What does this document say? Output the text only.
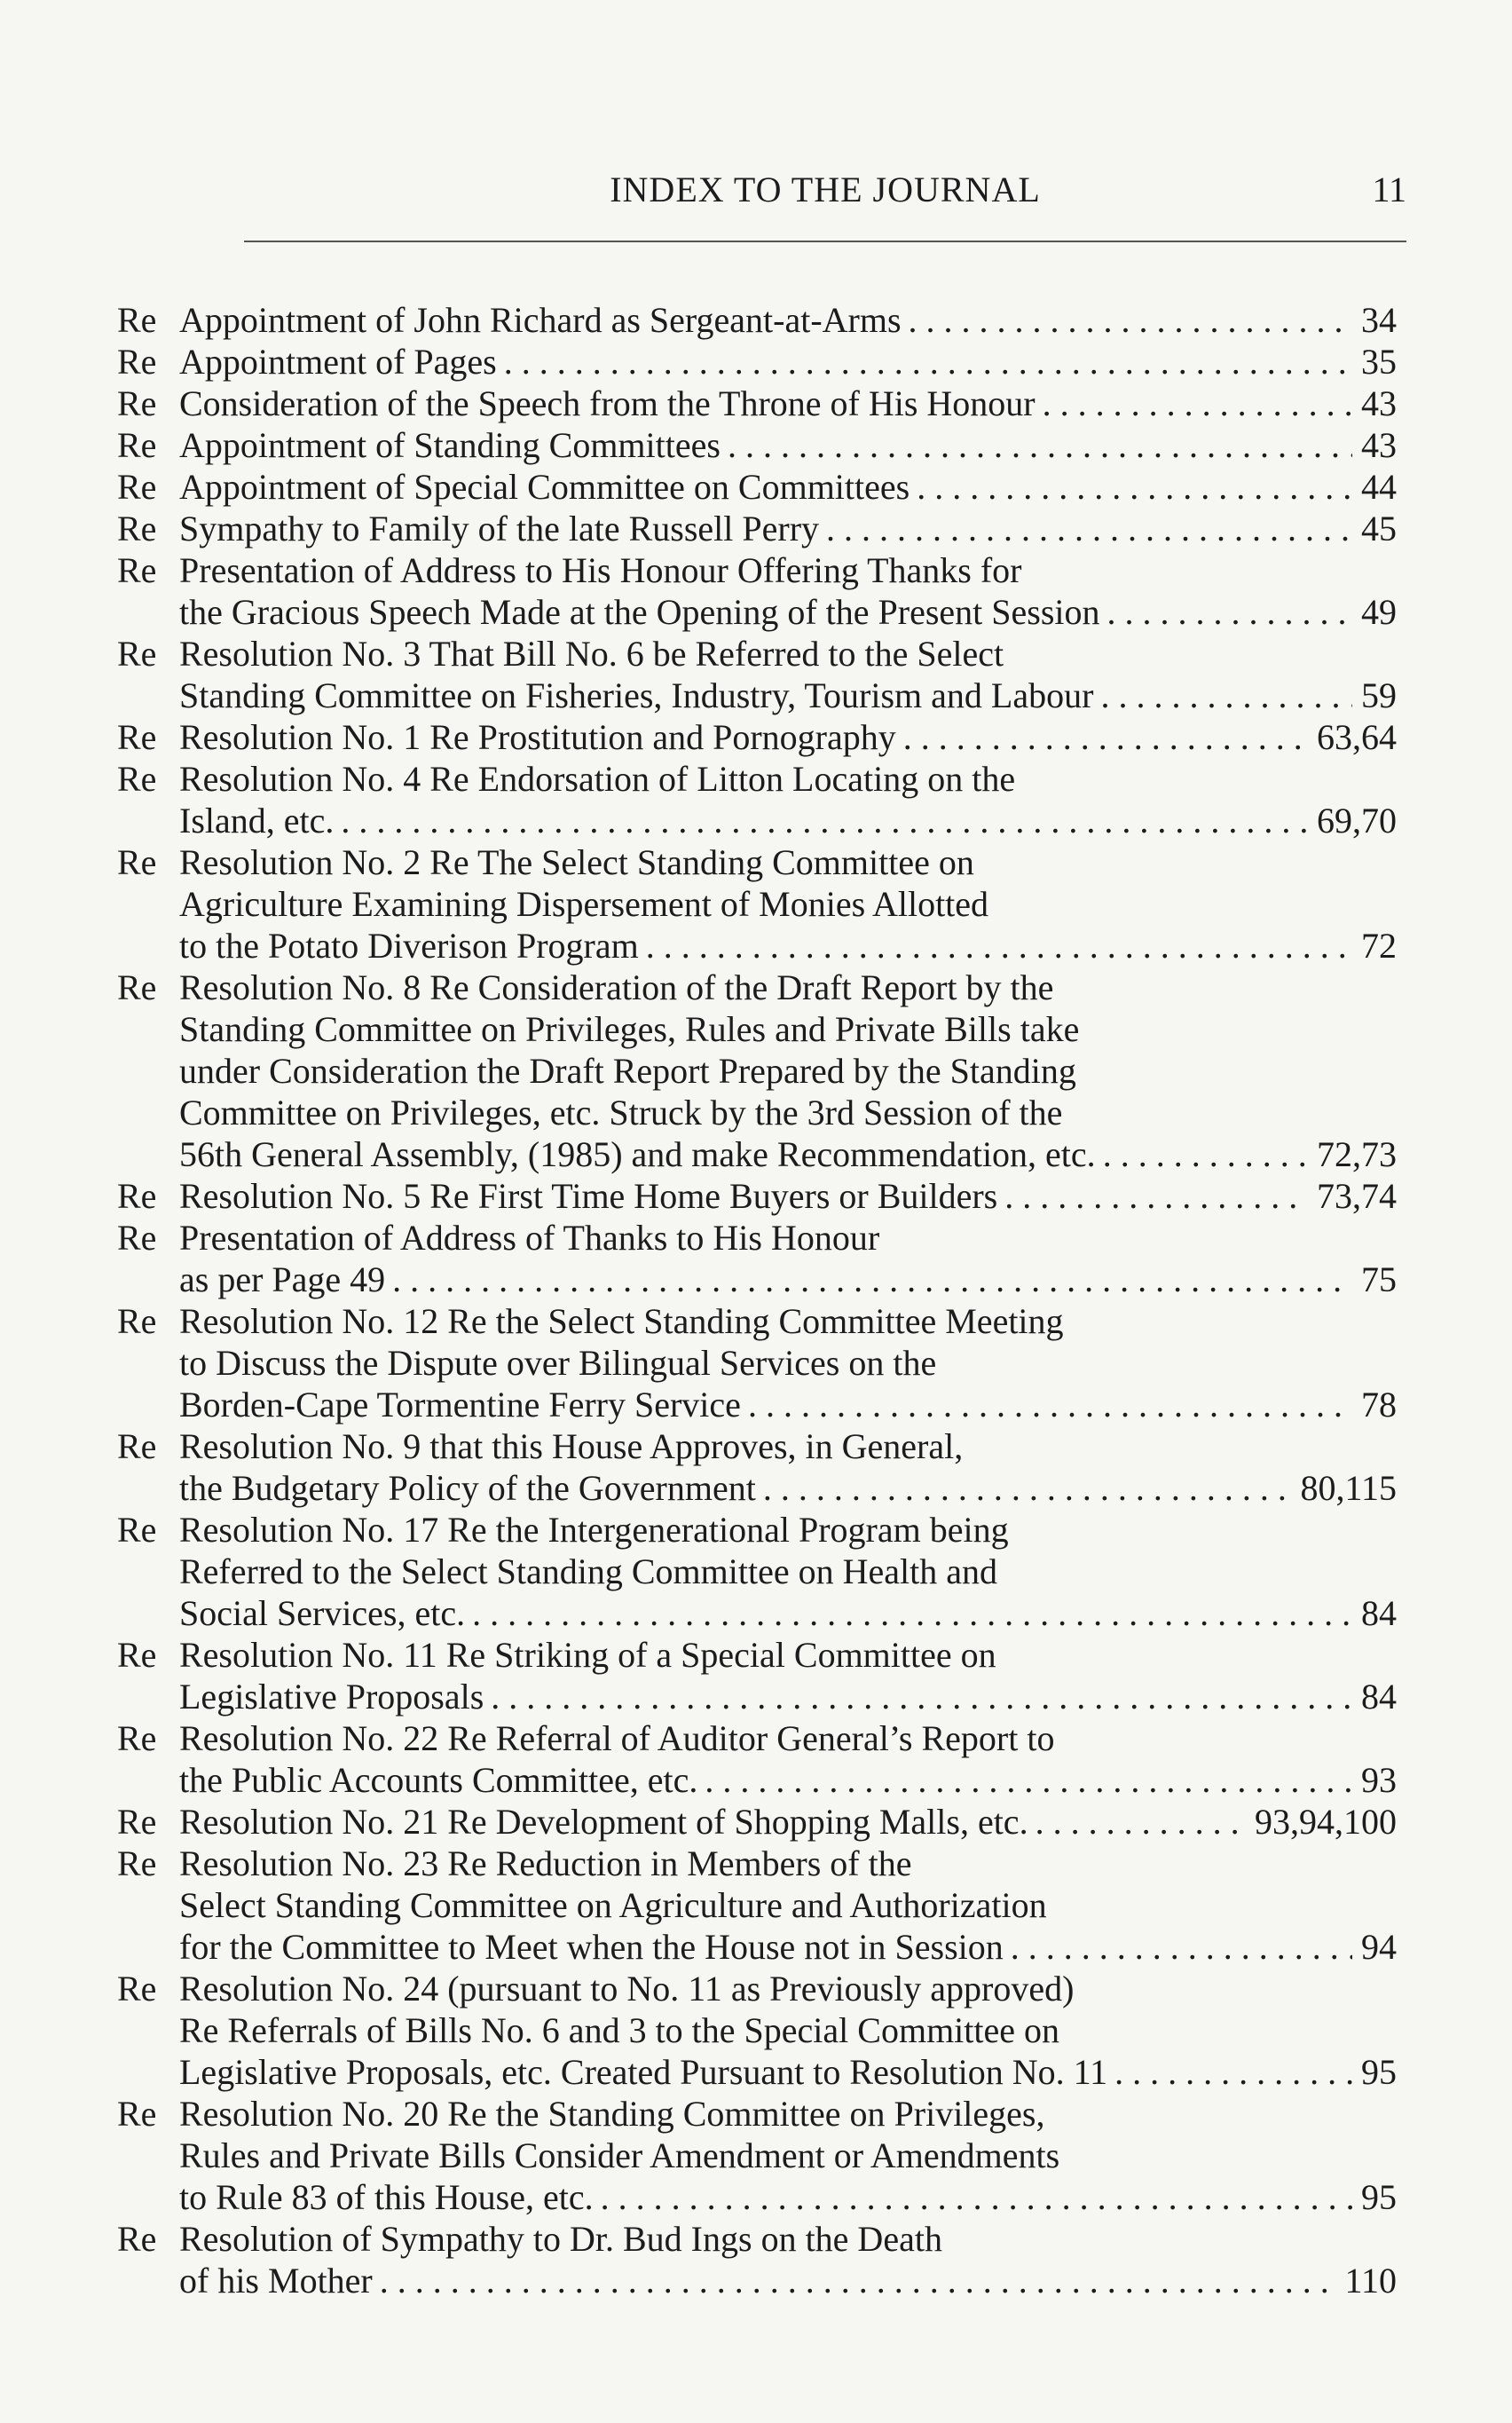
INDEX TO THE JOURNAL	11
Re Appointment of John Richard as Sergeant-at-Arms . . .	34
Re Appointment of Pages . . .	35
Re Consideration of the Speech from the Throne of His Honour . . .	43
Re Appointment of Standing Committees . . .	43
Re Appointment of Special Committee on Committees . . .	44
Re Sympathy to Family of the late Russell Perry . . .	45
Re Presentation of Address to His Honour Offering Thanks for
the Gracious Speech Made at the Opening of the Present Session . . .	49
Re Resolution No. 3 That Bill No. 6 be Referred to the Select
Standing Committee on Fisheries, Industry, Tourism and Labour . . .	59
Re Resolution No. 1 Re Prostitution and Pornography . . .	63,64
Re Resolution No. 4 Re Endorsation of Litton Locating on the
Island, etc. . . .	69,70
Re Resolution No. 2 Re The Select Standing Committee on
Agriculture Examining Dispersement of Monies Allotted
to the Potato Diverison Program . . .	72
Re Resolution No. 8 Re Consideration of the Draft Report by the
Standing Committee on Privileges, Rules and Private Bills take
under Consideration the Draft Report Prepared by the Standing
Committee on Privileges, etc. Struck by the 3rd Session of the
56th General Assembly, (1985) and make Recommendation, etc. . . .	72,73
Re Resolution No. 5 Re First Time Home Buyers or Builders . . .	73,74
Re Presentation of Address of Thanks to His Honour
as per Page 49 . . .	75
Re Resolution No. 12 Re the Select Standing Committee Meeting
to Discuss the Dispute over Bilingual Services on the
Borden-Cape Tormentine Ferry Service . . .	78
Re Resolution No. 9 that this House Approves, in General,
the Budgetary Policy of the Government . . .	80,115
Re Resolution No. 17 Re the Intergenerational Program being
Referred to the Select Standing Committee on Health and
Social Services, etc. . . .	84
Re Resolution No. 11 Re Striking of a Special Committee on
Legislative Proposals . . .	84
Re Resolution No. 22 Re Referral of Auditor General’s Report to
the Public Accounts Committee, etc. . . .	93
Re Resolution No. 21 Re Development of Shopping Malls, etc. . . .	93,94,100
Re Resolution No. 23 Re Reduction in Members of the
Select Standing Committee on Agriculture and Authorization
for the Committee to Meet when the House not in Session . . .	94
Re Resolution No. 24 (pursuant to No. 11 as Previously approved)
Re Referrals of Bills No. 6 and 3 to the Special Committee on
Legislative Proposals, etc. Created Pursuant to Resolution No. 11 . . .	95
Re Resolution No. 20 Re the Standing Committee on Privileges,
Rules and Private Bills Consider Amendment or Amendments
to Rule 83 of this House, etc. . . .	95
Re Resolution of Sympathy to Dr. Bud Ings on the Death
of his Mother . . .	110
